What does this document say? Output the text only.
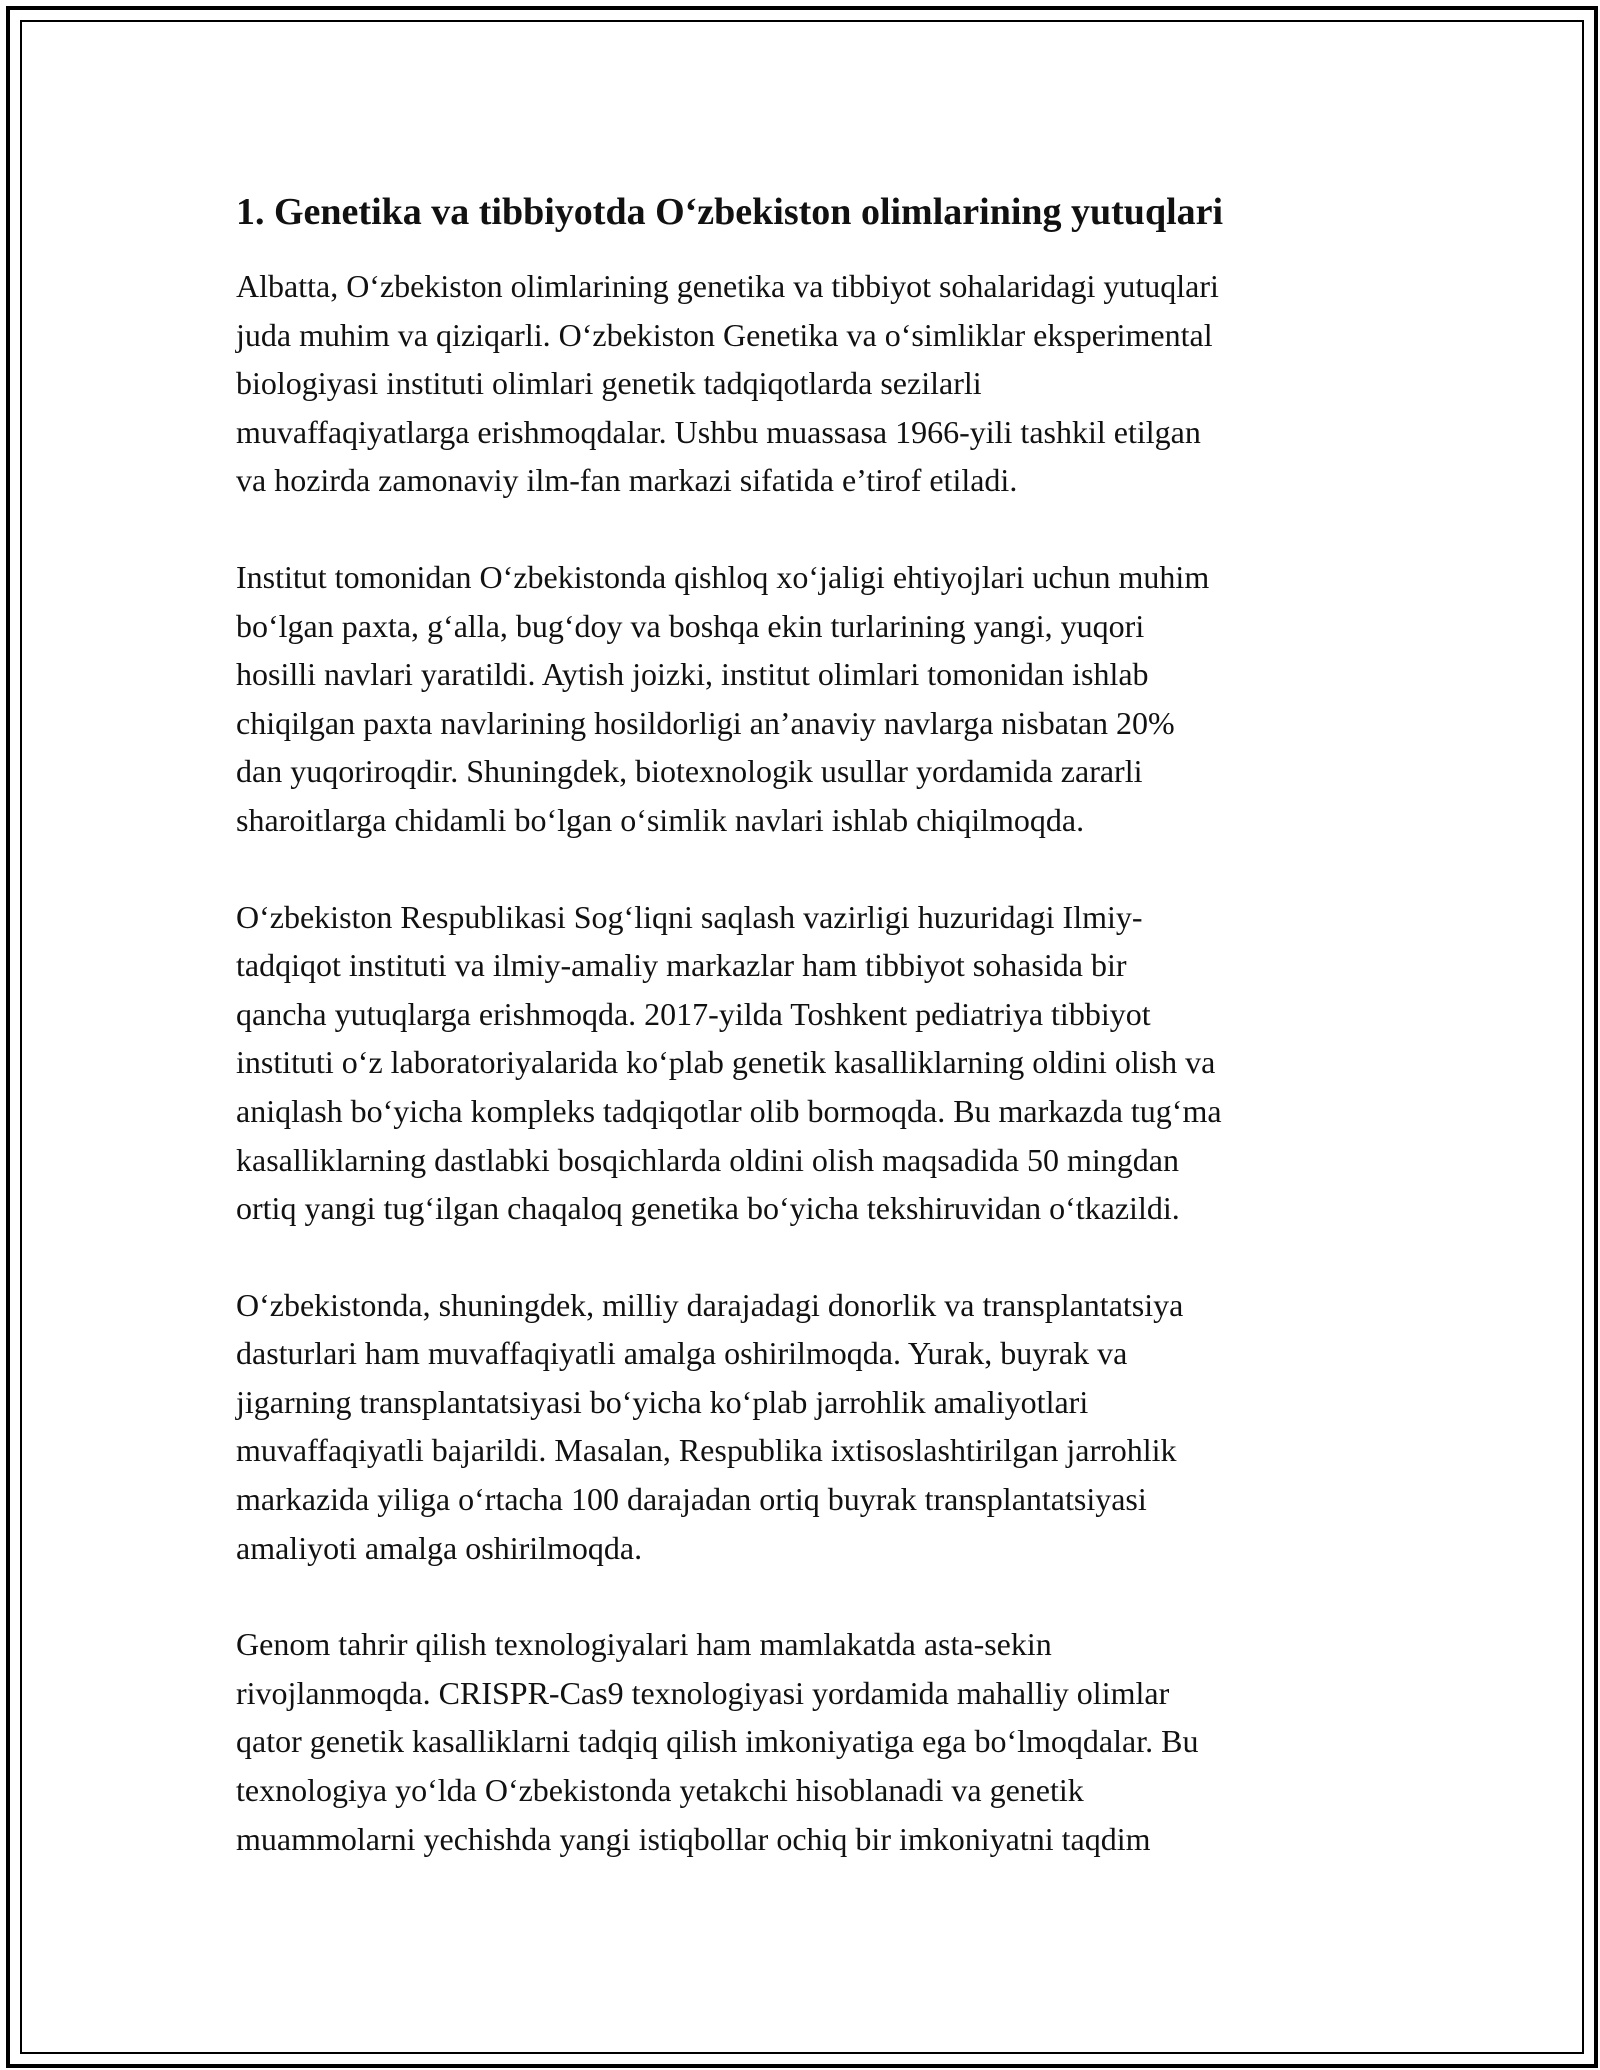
1. Genetika va tibbiyotda O‘zbekiston olimlarining yutuqlari

Albatta, O‘zbekiston olimlarining genetika va tibbiyot sohalaridagi yutuqlari
juda muhim va qiziqarli. O‘zbekiston Genetika va o‘simliklar eksperimental
biologiyasi instituti olimlari genetik tadqiqotlarda sezilarli
muvaffaqiyatlarga erishmoqdalar. Ushbu muassasa 1966-yili tashkil etilgan
va hozirda zamonaviy ilm-fan markazi sifatida e’tirof etiladi.

Institut tomonidan O‘zbekistonda qishloq xo‘jaligi ehtiyojlari uchun muhim
bo‘lgan paxta, g‘alla, bug‘doy va boshqa ekin turlarining yangi, yuqori
hosilli navlari yaratildi. Aytish joizki, institut olimlari tomonidan ishlab
chiqilgan paxta navlarining hosildorligi an’anaviy navlarga nisbatan 20%
dan yuqoriroqdir. Shuningdek, biotexnologik usullar yordamida zararli
sharoitlarga chidamli bo‘lgan o‘simlik navlari ishlab chiqilmoqda.

O‘zbekiston Respublikasi Sog‘liqni saqlash vazirligi huzuridagi Ilmiy-
tadqiqot instituti va ilmiy-amaliy markazlar ham tibbiyot sohasida bir
qancha yutuqlarga erishmoqda. 2017-yilda Toshkent pediatriya tibbiyot
instituti o‘z laboratoriyalarida ko‘plab genetik kasalliklarning oldini olish va
aniqlash bo‘yicha kompleks tadqiqotlar olib bormoqda. Bu markazda tug‘ma
kasalliklarning dastlabki bosqichlarda oldini olish maqsadida 50 mingdan
ortiq yangi tug‘ilgan chaqaloq genetika bo‘yicha tekshiruvidan o‘tkazildi.

O‘zbekistonda, shuningdek, milliy darajadagi donorlik va transplantatsiya
dasturlari ham muvaffaqiyatli amalga oshirilmoqda. Yurak, buyrak va
jigarning transplantatsiyasi bo‘yicha ko‘plab jarrohlik amaliyotlari
muvaffaqiyatli bajarildi. Masalan, Respublika ixtisoslashtirilgan jarrohlik
markazida yiliga o‘rtacha 100 darajadan ortiq buyrak transplantatsiyasi
amaliyoti amalga oshirilmoqda.

Genom tahrir qilish texnologiyalari ham mamlakatda asta-sekin
rivojlanmoqda. CRISPR-Cas9 texnologiyasi yordamida mahalliy olimlar
qator genetik kasalliklarni tadqiq qilish imkoniyatiga ega bo‘lmoqdalar. Bu
texnologiya yo‘lda O‘zbekistonda yetakchi hisoblanadi va genetik
muammolarni yechishda yangi istiqbollar ochiq bir imkoniyatni taqdim
